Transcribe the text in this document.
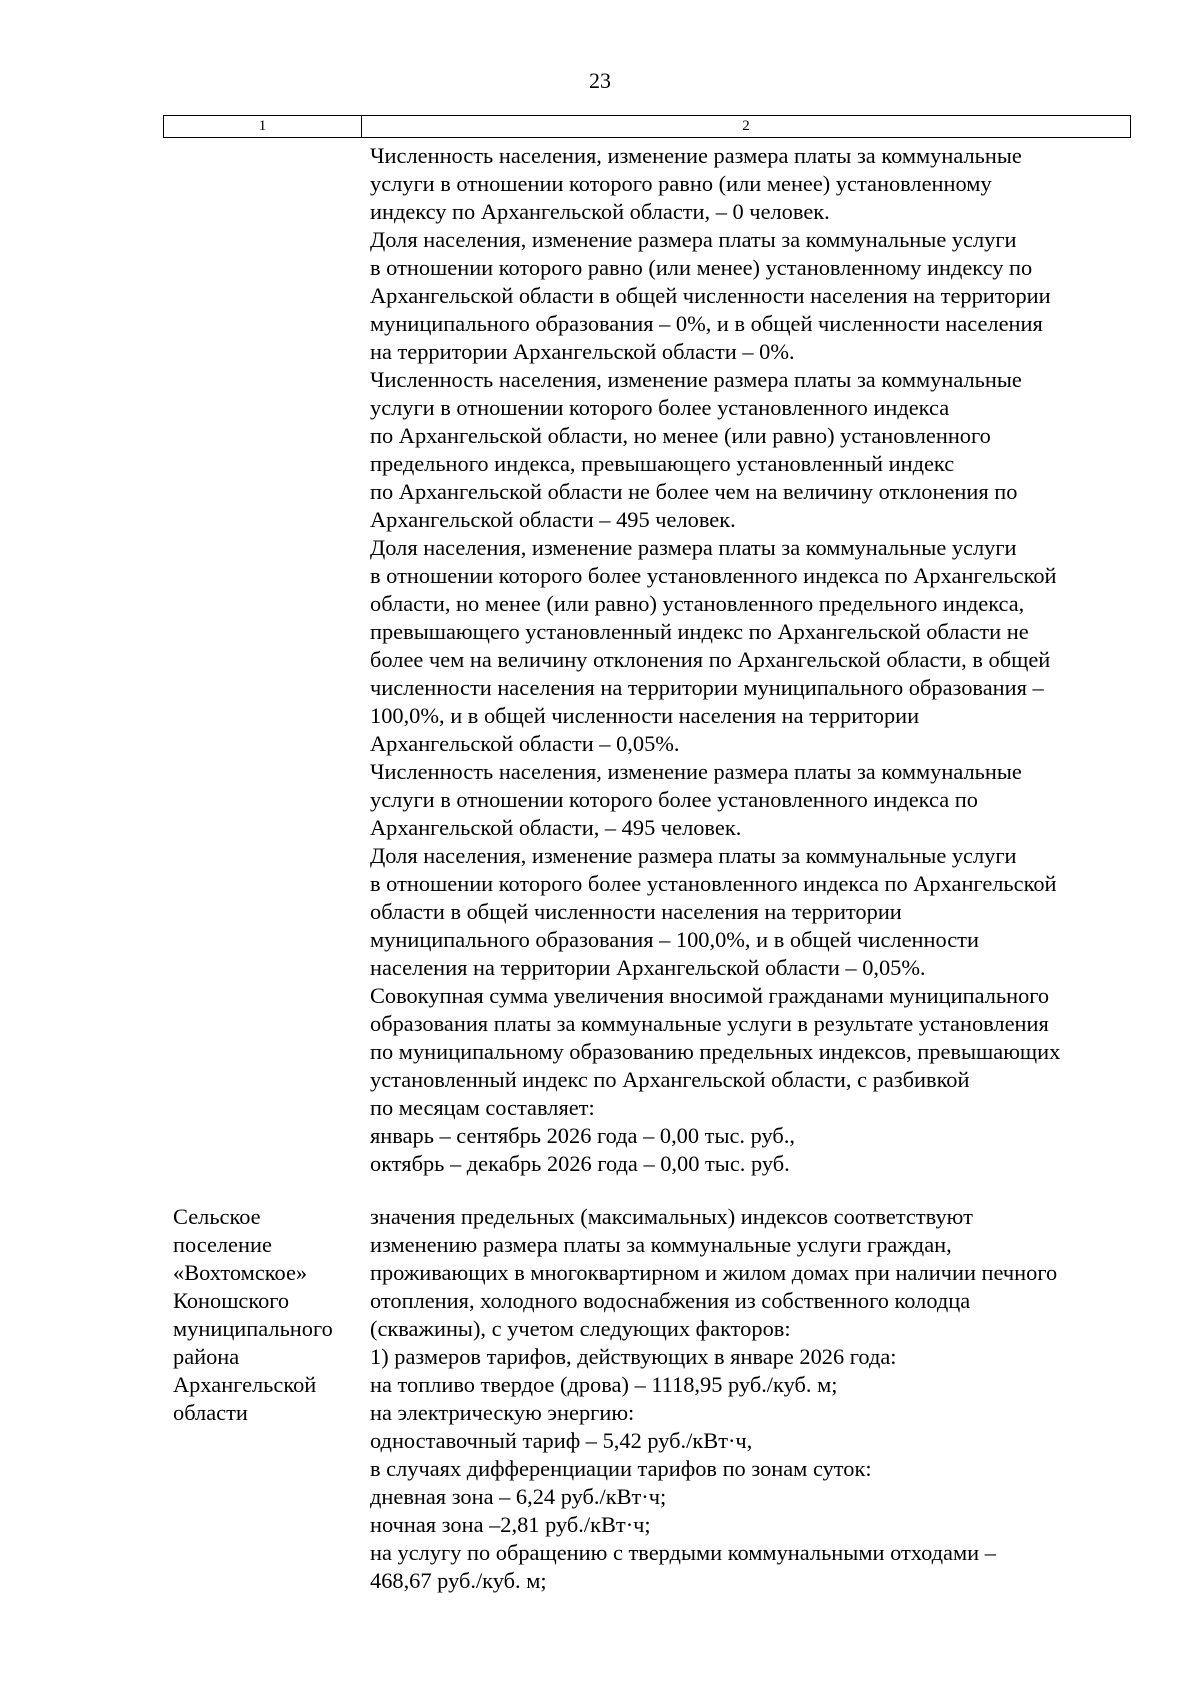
23
1	2
Численность населения, изменение размера платы за коммунальные
услуги в отношении которого равно (или менее) установленному
индексу по Архангельской области, – 0 человек.
Доля населения, изменение размера платы за коммунальные услуги
в отношении которого равно (или менее) установленному индексу по
Архангельской области в общей численности населения на территории
муниципального образования – 0%, и в общей численности населения
на территории Архангельской области – 0%.
Численность населения, изменение размера платы за коммунальные
услуги в отношении которого более установленного индекса
по Архангельской области, но менее (или равно) установленного
предельного индекса, превышающего установленный индекс
по Архангельской области не более чем на величину отклонения по
Архангельской области – 495 человек.
Доля населения, изменение размера платы за коммунальные услуги
в отношении которого более установленного индекса по Архангельской
области, но менее (или равно) установленного предельного индекса,
превышающего установленный индекс по Архангельской области не
более чем на величину отклонения по Архангельской области, в общей
численности населения на территории муниципального образования –
100,0%, и в общей численности населения на территории
Архангельской области – 0,05%.
Численность населения, изменение размера платы за коммунальные
услуги в отношении которого более установленного индекса по
Архангельской области, – 495 человек.
Доля населения, изменение размера платы за коммунальные услуги
в отношении которого более установленного индекса по Архангельской
области в общей численности населения на территории
муниципального образования – 100,0%, и в общей численности
населения на территории Архангельской области – 0,05%.
Совокупная сумма увеличения вносимой гражданами муниципального
образования платы за коммунальные услуги в результате установления
по муниципальному образованию предельных индексов, превышающих
установленный индекс по Архангельской области, с разбивкой
по месяцам составляет:
январь – сентябрь 2026 года – 0,00 тыс. руб.,
октябрь – декабрь 2026 года – 0,00 тыс. руб.
Сельское
поселение
«Вохтомское»
Коношского
муниципального
района
Архангельской
области
значения предельных (максимальных) индексов соответствуют
изменению размера платы за коммунальные услуги граждан,
проживающих в многоквартирном и жилом домах при наличии печного
отопления, холодного водоснабжения из собственного колодца
(скважины), с учетом следующих факторов:
1) размеров тарифов, действующих в январе 2026 года:
на топливо твердое (дрова) – 1118,95 руб./куб. м;
на электрическую энергию:
одноставочный тариф – 5,42 руб./кВт·ч,
в случаях дифференциации тарифов по зонам суток:
дневная зона – 6,24 руб./кВт·ч;
ночная зона –2,81 руб./кВт·ч;
на услугу по обращению с твердыми коммунальными отходами –
468,67 руб./куб. м;
